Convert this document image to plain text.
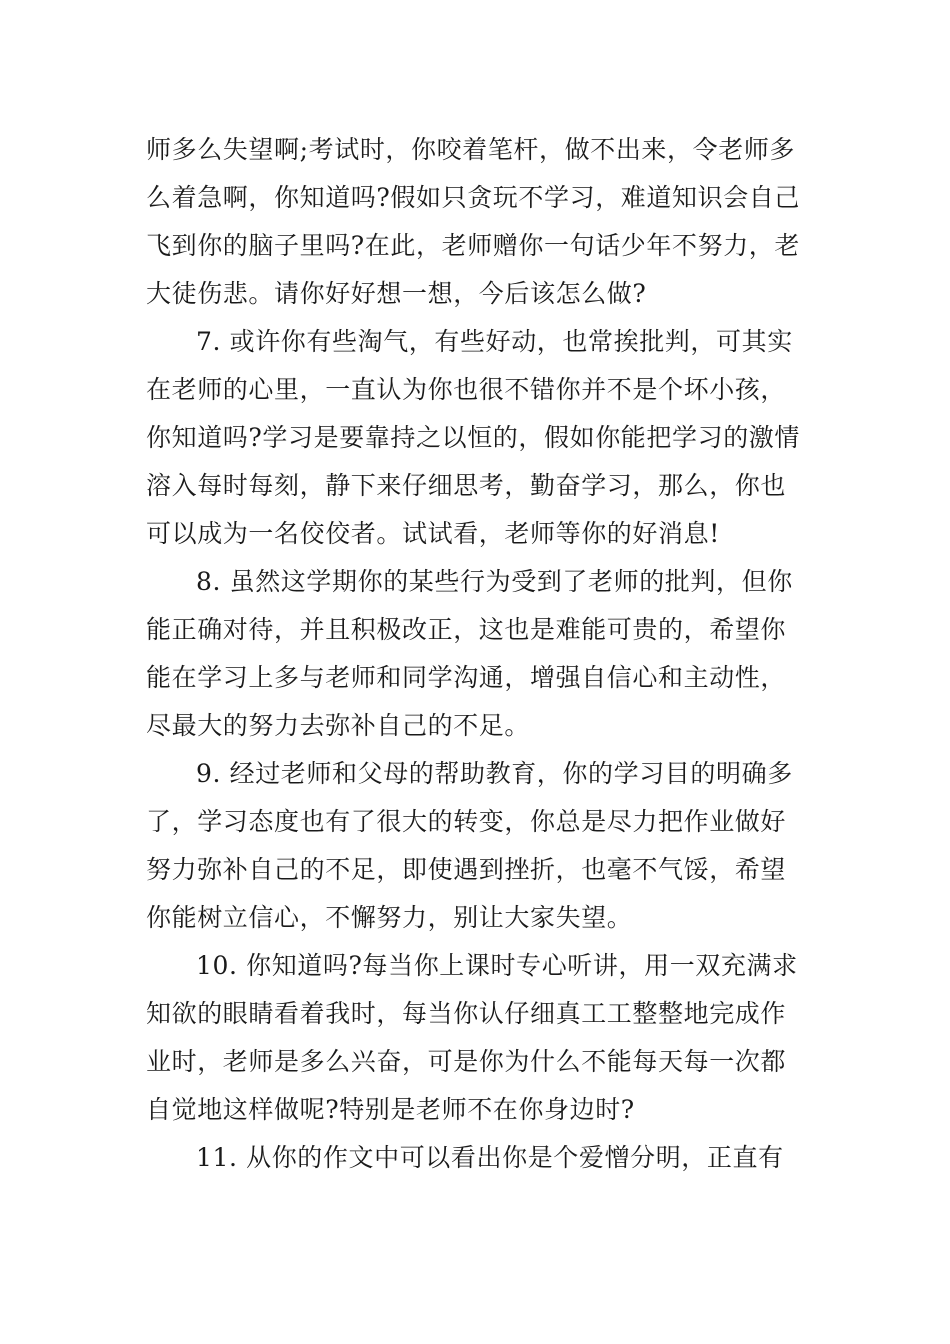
师多么失望啊;考试时，你咬着笔杆，做不出来，令老师多
么着急啊，你知道吗?假如只贪玩不学习，难道知识会自己
飞到你的脑子里吗?在此，老师赠你一句话少年不努力，老
大徒伤悲。请你好好想一想，今后该怎么做?
7. 或许你有些淘气，有些好动，也常挨批判，可其实
在老师的心里，一直认为你也很不错你并不是个坏小孩，
你知道吗?学习是要靠持之以恒的，假如你能把学习的激情
溶入每时每刻，静下来仔细思考，勤奋学习，那么，你也
可以成为一名佼佼者。试试看，老师等你的好消息!
8. 虽然这学期你的某些行为受到了老师的批判，但你
能正确对待，并且积极改正，这也是难能可贵的，希望你
能在学习上多与老师和同学沟通，增强自信心和主动性，
尽最大的努力去弥补自己的不足。
9. 经过老师和父母的帮助教育，你的学习目的明确多
了，学习态度也有了很大的转变，你总是尽力把作业做好
努力弥补自己的不足，即使遇到挫折，也毫不气馁，希望
你能树立信心，不懈努力，别让大家失望。
10. 你知道吗?每当你上课时专心听讲，用一双充满求
知欲的眼睛看着我时，每当你认仔细真工工整整地完成作
业时，老师是多么兴奋，可是你为什么不能每天每一次都
自觉地这样做呢?特别是老师不在你身边时?
11. 从你的作文中可以看出你是个爱憎分明，正直有
